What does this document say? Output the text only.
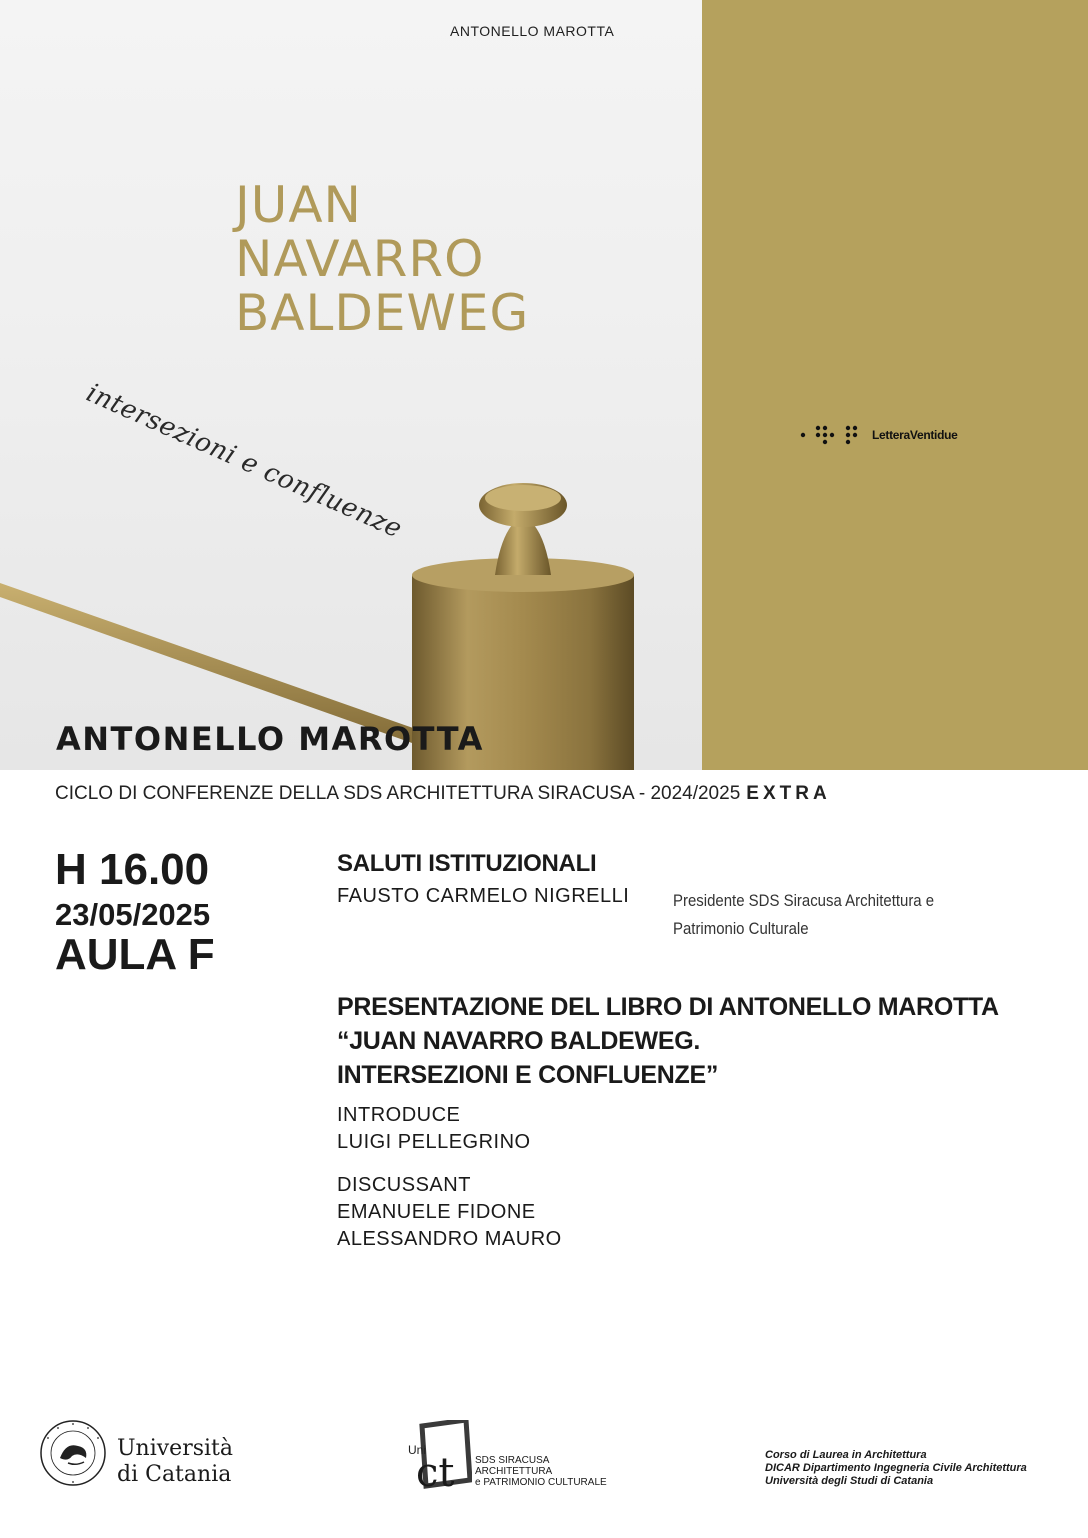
ANTONELLO MAROTTA
JUAN
NAVARRO
BALDEWEG
intersezioni e confluenze	LetteraVentidue
ANTONELLO MAROTTA
CICLO DI CONFERENZE DELLA SDS ARCHITETTURA SIRACUSA - 2024/2025 EXTRA
H 16.00
23/05/2025
AULA F
SALUTI ISTITUZIONALI
FAUSTO CARMELO NIGRELLI	Presidente SDS Siracusa Architettura e
Patrimonio Culturale
PRESENTAZIONE DEL LIBRO DI ANTONELLO MAROTTA
“JUAN NAVARRO BALDEWEG.
INTERSEZIONI E CONFLUENZE”
INTRODUCE
LUIGI PELLEGRINO
DISCUSSANT
EMANUELE FIDONE
ALESSANDRO MAURO
Università
di Catania
Uni
ct SDS SIRACUSA
ARCHITETTURA
e PATRIMONIO CULTURALE
Corso di Laurea in Architettura
DICAR Dipartimento Ingegneria Civile Architettura
Università degli Studi di Catania
